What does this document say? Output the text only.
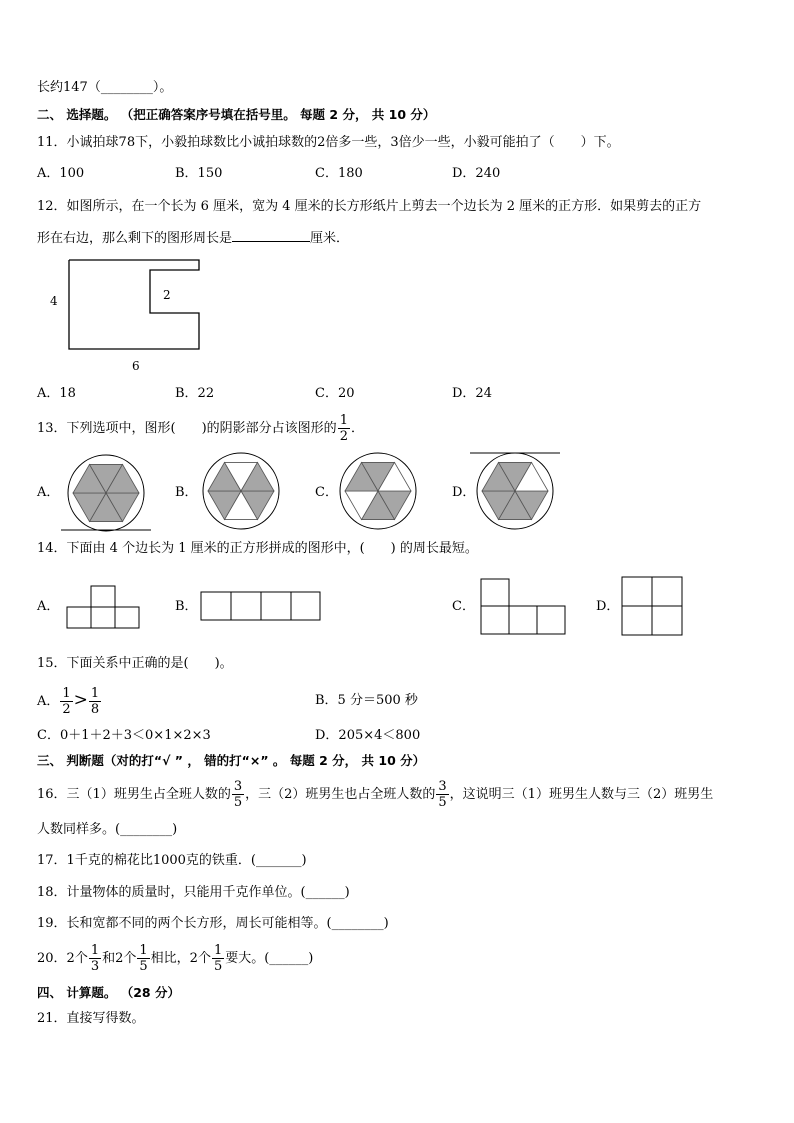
长约147（________）。
二、 选择题。 （把正确答案序号填在括号里。 每题 2 分， 共 10 分）
11．小诚拍球78下，小毅拍球数比小诚拍球数的2倍多一些，3倍少一些，小毅可能拍了（　　）下。
A．100	B．150	C．180	D．240
12．如图所示，在一个长为 6 厘米，宽为 4 厘米的长方形纸片上剪去一个边长为 2 厘米的正方形．如果剪去的正方
形在右边，那么剩下的图形周长是	厘米．
4
6
2
A．18	B．22	C．20	D．24
13．下列选项中，图形(　　)的阴影部分占该图形的 $\frac{1}{2}$ ．
A．	B．	C．	D．
14．下面由 4 个边长为 1 厘米的正方形拼成的图形中，(　　) 的周长最短。
A．	B．	C．	D．
15．下面关系中正确的是(　　)。
A． $\frac{1}{2} > \frac{1}{8}$	B．5 分＝500 秒
C．0＋1＋2＋3＜0×1×2×3	D．205×4＜800
三、 判断题（对的打“√ ” ， 错的打“×” 。 每题 2 分， 共 10 分）
16．三（1）班男生占全班人数的 $\frac{3}{5}$ ，三（2）班男生也占全班人数的 $\frac{3}{5}$ ，这说明三（1）班男生人数与三（2）班男生
人数同样多。(________)
17．1千克的棉花比1000克的铁重．(_______)
18．计量物体的质量时，只能用千克作单位。(______)
19．长和宽都不同的两个长方形，周长可能相等。(________)
20．2个 $\frac{1}{3}$ 和2个 $\frac{1}{5}$ 相比，2个 $\frac{1}{5}$ 要大。(______)
四、 计算题。 （28 分）
21．直接写得数。
